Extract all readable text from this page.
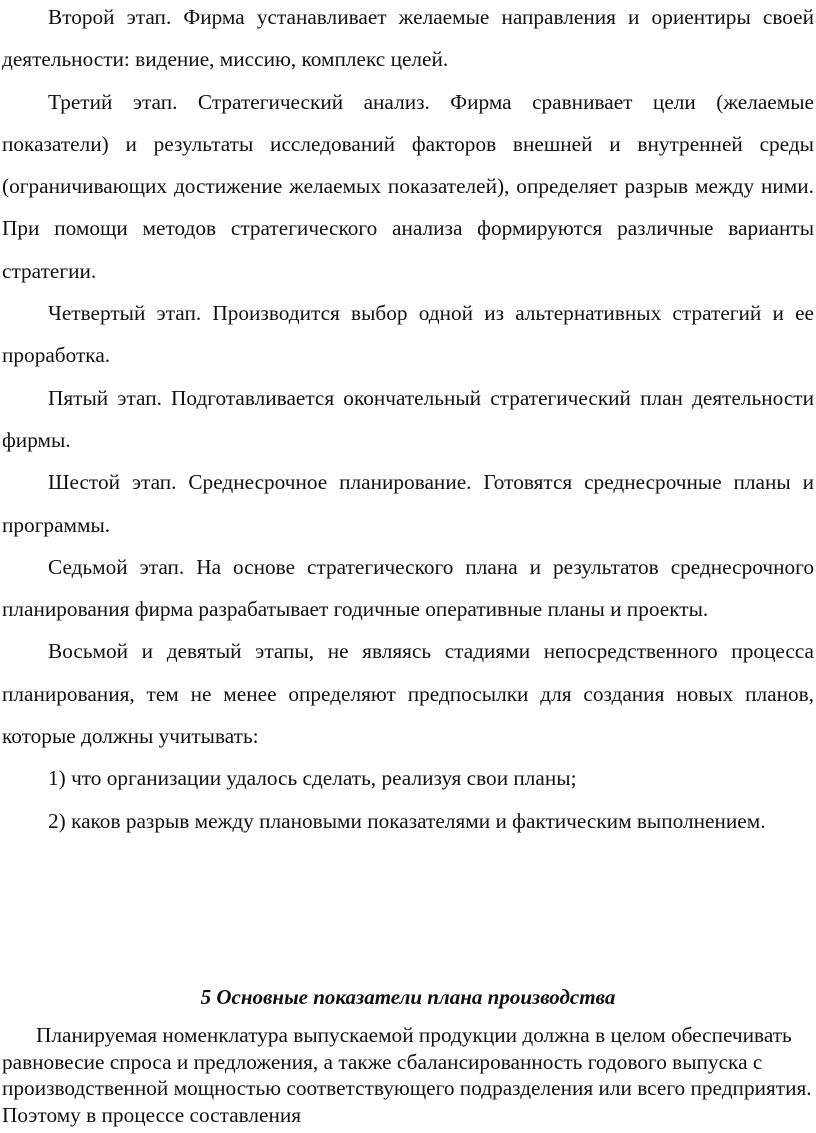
Второй этап. Фирма устанавливает желаемые направления и ориентиры своей деятельности: видение, миссию, комплекс целей.

Третий этап. Стратегический анализ. Фирма сравнивает цели (желаемые показатели) и результаты исследований факторов внешней и внутренней среды (ограничивающих достижение желаемых показателей), определяет разрыв между ними. При помощи методов стратегического анализа формируются различные варианты стратегии.

Четвертый этап. Производится выбор одной из альтернативных стратегий и ее проработка.

Пятый этап. Подготавливается окончательный стратегический план деятельности фирмы.

Шестой этап. Среднесрочное планирование. Готовятся среднесрочные планы и программы.

Седьмой этап. На основе стратегического плана и результатов среднесрочного планирования фирма разрабатывает годичные оперативные планы и проекты.

Восьмой и девятый этапы, не являясь стадиями непосредственного процесса планирования, тем не менее определяют предпосылки для создания новых планов, которые должны учитывать:

1) что организации удалось сделать, реализуя свои планы;

2) каков разрыв между плановыми показателями и фактическим выполнением.

5 Основные показатели плана производства

Планируемая номенклатура выпускаемой продукции должна в целом обеспечивать равновесие спроса и предложения, а также сбалансированность годового выпуска с производственной мощностью соответствующего подразделения или всего предприятия. Поэтому в процессе составления
